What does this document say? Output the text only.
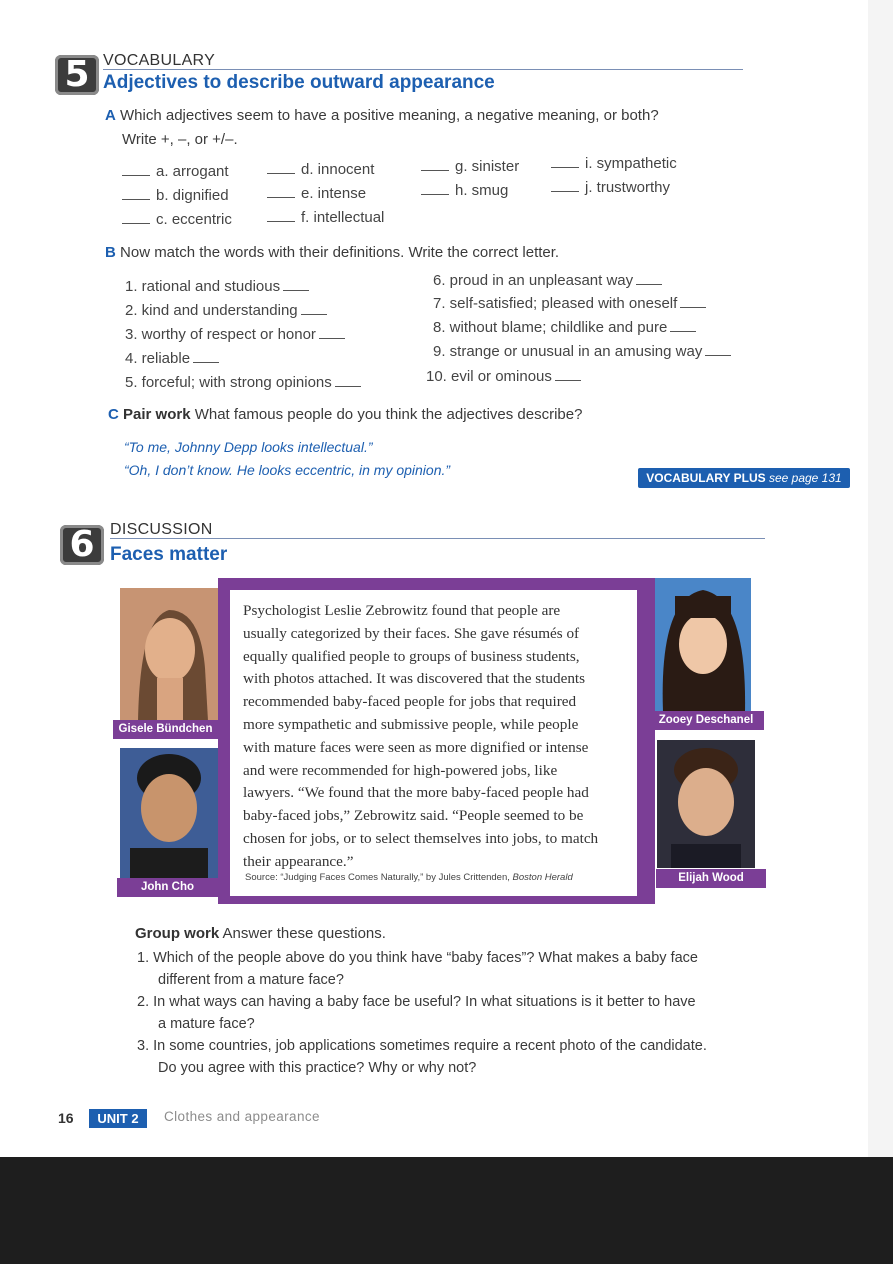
5 VOCABULARY
Adjectives to describe outward appearance
A Which adjectives seem to have a positive meaning, a negative meaning, or both?
Write +, –, or +/–.
a. arrogant
b. dignified
c. eccentric
d. innocent
e. intense
f. intellectual
g. sinister
h. smug
i. sympathetic
j. trustworthy
B Now match the words with their definitions. Write the correct letter.
1. rational and studious
2. kind and understanding
3. worthy of respect or honor
4. reliable
5. forceful; with strong opinions
6. proud in an unpleasant way
7. self-satisfied; pleased with oneself
8. without blame; childlike and pure
9. strange or unusual in an amusing way
10. evil or ominous
C Pair work What famous people do you think the adjectives describe?
“To me, Johnny Depp looks intellectual.”
“Oh, I don’t know. He looks eccentric, in my opinion.”	VOCABULARY PLUS see page 131
6 DISCUSSION
Faces matter
Gisele Bündchen
John Cho
Psychologist Leslie Zebrowitz found that people are
usually categorized by their faces. She gave résumés of
equally qualified people to groups of business students,
with photos attached. It was discovered that the students
recommended baby-faced people for jobs that required
more sympathetic and submissive people, while people
with mature faces were seen as more dignified or intense
and were recommended for high-powered jobs, like
lawyers. “We found that the more baby-faced people had
baby-faced jobs,” Zebrowitz said. “People seemed to be
chosen for jobs, or to select themselves into jobs, to match
their appearance.”
Source: “Judging Faces Comes Naturally,” by Jules Crittenden, Boston Herald
Zooey Deschanel
Elijah Wood
Group work Answer these questions.
1. Which of the people above do you think have “baby faces”? What makes a baby face
different from a mature face?
2. In what ways can having a baby face be useful? In what situations is it better to have
a mature face?
3. In some countries, job applications sometimes require a recent photo of the candidate.
Do you agree with this practice? Why or why not?
16	UNIT 2	Clothes and appearance
